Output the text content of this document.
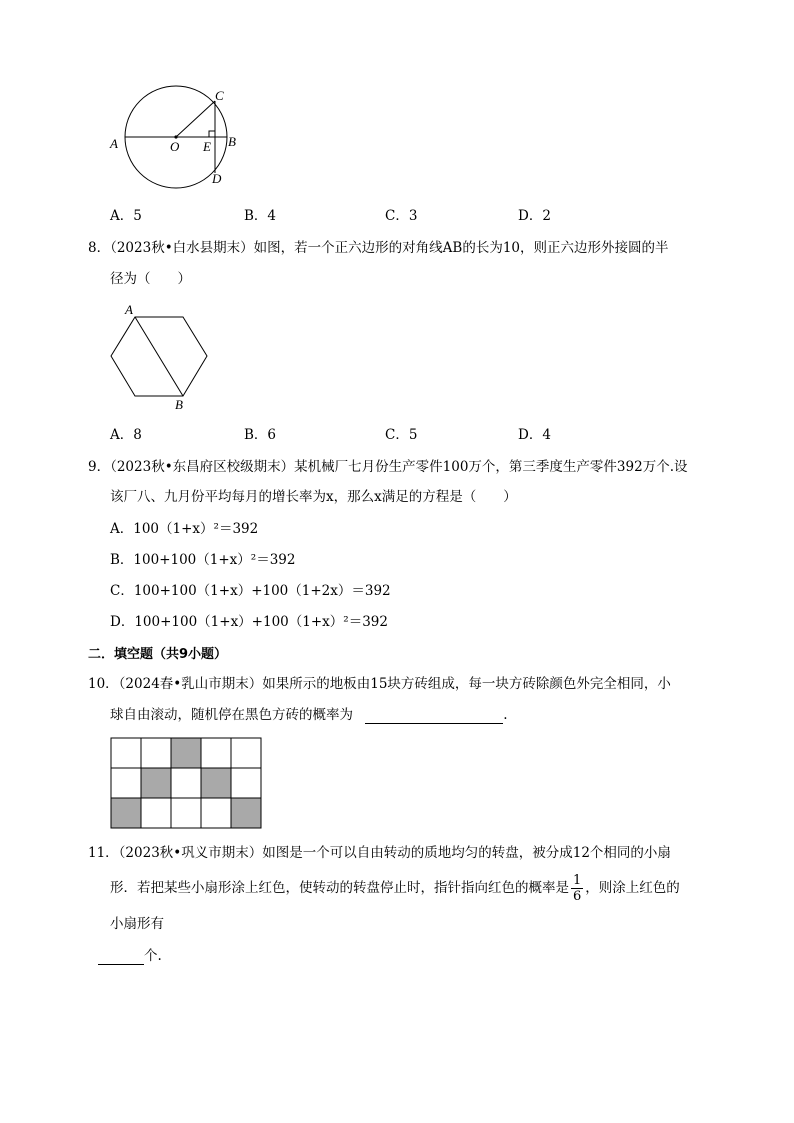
A	O E B
C
D
A．5	B．4	C．3	D．2
8．（2023秋•白水县期末）如图，若一个正六边形的对角线AB的长为10，则正六边形外接圆的半
径为（　　）
A
B
A．8	B．6	C．5	D．4
9．（2023秋•东昌府区校级期末）某机械厂七月份生产零件100万个，第三季度生产零件392万个.设
该厂八、九月份平均每月的增长率为x，那么x满足的方程是（　　）
A．100（1+x）²＝392
B．100+100（1+x）²＝392
C．100+100（1+x）+100（1+2x）＝392
D．100+100（1+x）+100（1+x）²＝392
二．填空题（共9小题）
10．（2024春•乳山市期末）如果所示的地板由15块方砖组成，每一块方砖除颜色外完全相同，小
球自由滚动，随机停在黑色方砖的概率为	.
11．（2023秋•巩义市期末）如图是一个可以自由转动的质地均匀的转盘，被分成12个相同的小扇
形．若把某些小扇形涂上红色，使转动的转盘停止时，指针指向红色的概率是 $\frac{1}{6}$ ，则涂上红色的
小扇形有
个.
